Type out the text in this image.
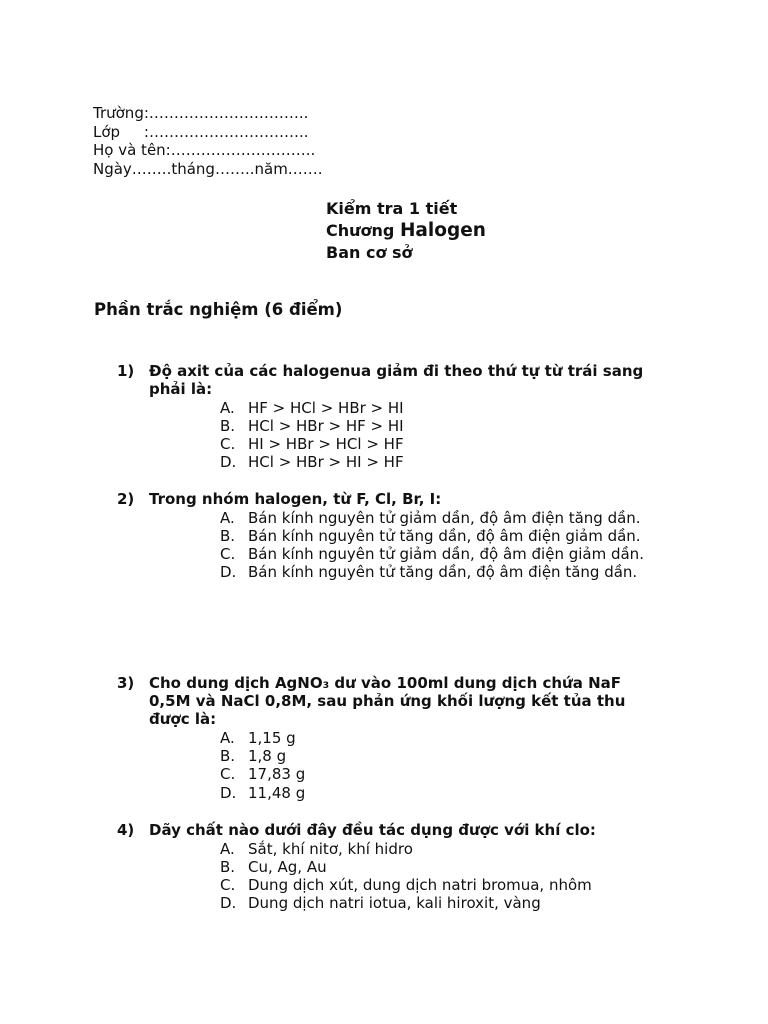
Trường:…………………………..
Lớp     :…………………………..
Họ và tên:………………………..
Ngày……..tháng……..năm…….
Kiểm tra 1 tiết
Chương Halogen
Ban cơ sở
Phần trắc nghiệm (6 điểm)
1) Độ axit của các halogenua giảm đi theo thứ tự từ trái sang phải là:
A. HF > HCl > HBr > HI
B. HCl > HBr > HF > HI
C. HI > HBr > HCl > HF
D. HCl > HBr > HI > HF
2) Trong nhóm halogen, từ F, Cl, Br, I:
A. Bán kính nguyên tử giảm dần, độ âm điện tăng dần.
B. Bán kính nguyên tử tăng dần, độ âm điện giảm dần.
C. Bán kính nguyên tử giảm dần, độ âm điện giảm dần.
D. Bán kính nguyên tử tăng dần, độ âm điện tăng dần.
3) Cho dung dịch AgNO₃ dư vào 100ml dung dịch chứa NaF 0,5M và NaCl 0,8M, sau phản ứng khối lượng kết tủa thu được là:
A. 1,15 g
B. 1,8 g
C. 17,83 g
D. 11,48 g
4) Dãy chất nào dưới đây đều tác dụng được với khí clo:
A. Sắt, khí nitơ, khí hidro
B. Cu, Ag, Au
C. Dung dịch xút, dung dịch natri bromua, nhôm
D. Dung dịch natri iotua, kali hiroxit, vàng
